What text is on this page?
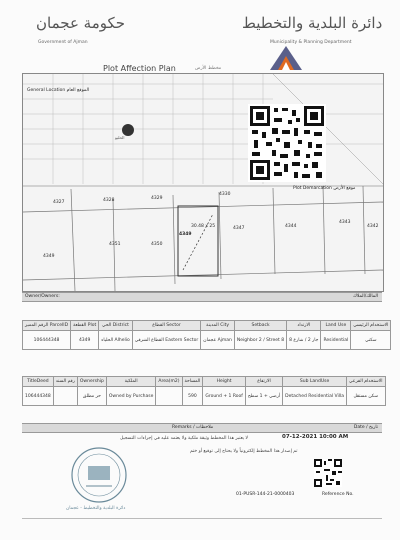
حكومة عجمان
Government of Ajman
دائرة البلدية والتخطيط
Municipality & Planning Department
Plot Affection Plan	مخطط الأرض
الحليو
General Location الموقع العام
Plot Demarcation موقع الأرض
4327	4328	4329
4330
4344
4343
4342
4347
4351	4350
4349
4349
30.48 x 25
Owner/Owners:	المالك/الملاك
الرقم المميز ParcelID	القطعة Plot	الحي District	القطاع Sector	المدينة City	Setback	الارتداد	Land Use	الاستخدام الرئيسي
106444348	4349	الحلياء Alhelio	القطاع الشرقي Eastern Sector	عجمان Ajman	Neighbor 2 / Street 8	جار 2 / شارع 8	Residential	سكني
TitleDeed	رقم السند	Ownership	الملكية	Area(m2)	المساحة	Height	الارتفاع	Sub LandUse	الاستخدام الفرعي
106444348		حر مطلق	Owned by Purchase		590	Ground + 1 Roof	أرضي + 1 سطح	Detached Residential Villa	سكن مستقل
Remarks / ملاحظات	Date / تاريخ
07-12-2021 10:00 AM
لا يعتبر هذا المخطط وثيقة ملكية ولا يعتمد عليه في إجراءات التسجيل
تم إصدار هذا المخطط إلكترونياً ولا يحتاج إلى توقيع أو ختم
دائرة البلدية والتخطيط - عجمان
01-PUSR-144-21-0000403	Reference No.
